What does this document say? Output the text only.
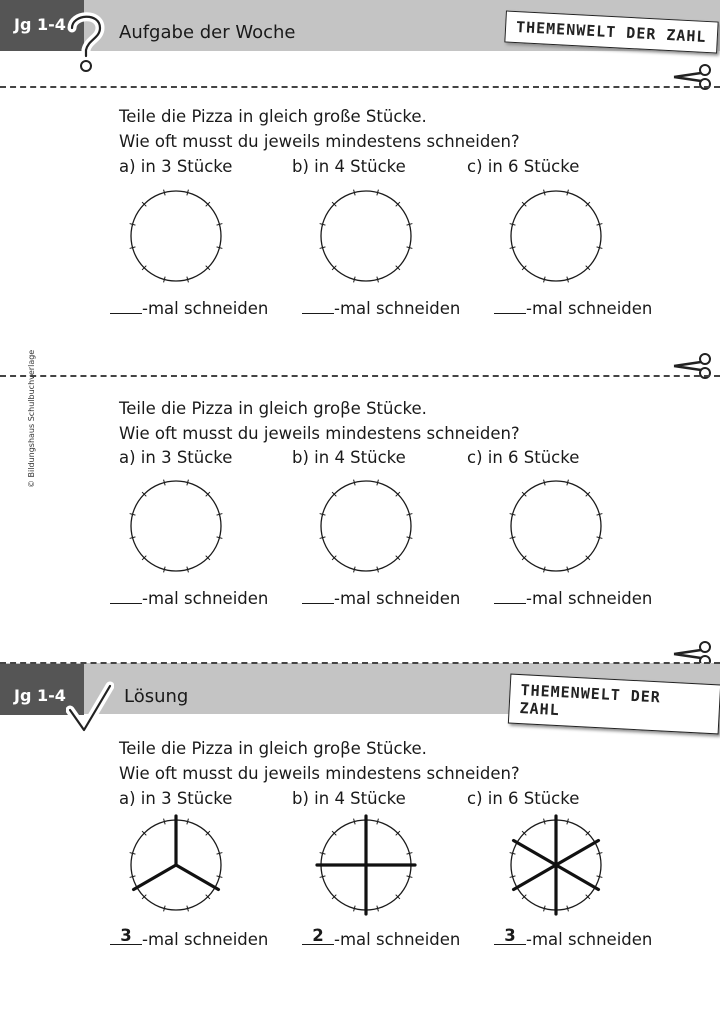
Jg 1-4	Aufgabe der Woche	THEMENWELT DER ZAHL
Teile die Pizza in gleich große Stücke.
Wie oft musst du jeweils mindestens schneiden?
a) in 3 Stücke	b) in 4 Stücke	c) in 6 Stücke
-mal schneiden	-mal schneiden	-mal schneiden
© Bildungshaus Schulbuchverlage	Teile die Pizza in gleich groβe Stücke.
Wie oft musst du jeweils mindestens schneiden?
a) in 3 Stücke	b) in 4 Stücke	c) in 6 Stücke
-mal schneiden	-mal schneiden	-mal schneiden
Jg 1-4	Lösung	THEMENWELT DER ZAHL
Teile die Pizza in gleich groβe Stücke.
Wie oft musst du jeweils mindestens schneiden?
a) in 3 Stücke	b) in 4 Stücke	c) in 6 Stücke
3 -mal schneiden	2 -mal schneiden	3 -mal schneiden
